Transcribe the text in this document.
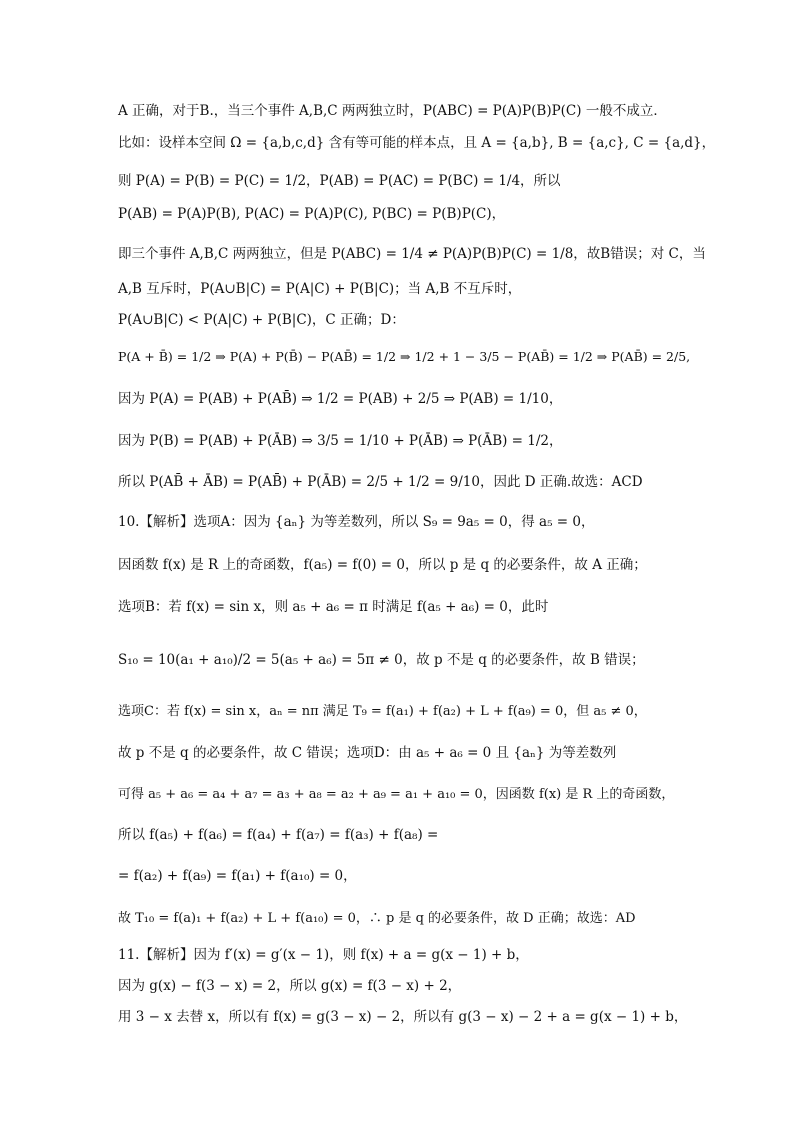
A 正确，对于B.，当三个事件 A,B,C 两两独立时，P(ABC) = P(A)P(B)P(C) 一般不成立．
比如：设样本空间 Ω = {a,b,c,d} 含有等可能的样本点，且 A = {a,b}, B = {a,c}, C = {a,d}，
则 P(A) = P(B) = P(C) = 1/2，P(AB) = P(AC) = P(BC) = 1/4，所以
P(AB) = P(A)P(B), P(AC) = P(A)P(C), P(BC) = P(B)P(C)，
即三个事件 A,B,C 两两独立，但是 P(ABC) = 1/4 ≠ P(A)P(B)P(C) = 1/8，故B错误；对 C，当
A,B 互斥时，P(A∪B|C) = P(A|C) + P(B|C)；当 A,B 不互斥时，
P(A∪B|C) < P(A|C) + P(B|C)，C 正确；D：
P(A + B̄) = 1/2 ⇒ P(A) + P(B̄) − P(AB̄) = 1/2 ⇒ 1/2 + 1 − 3/5 − P(AB̄) = 1/2 ⇒ P(AB̄) = 2/5,
因为 P(A) = P(AB) + P(AB̄) ⇒ 1/2 = P(AB) + 2/5 ⇒ P(AB) = 1/10，
因为 P(B) = P(AB) + P(ĀB) ⇒ 3/5 = 1/10 + P(ĀB) ⇒ P(ĀB) = 1/2，
所以 P(AB̄ + ĀB) = P(AB̄) + P(ĀB) = 2/5 + 1/2 = 9/10，因此 D 正确.故选：ACD
10.【解析】选项A：因为 {aₙ} 为等差数列，所以 S₉ = 9a₅ = 0，得 a₅ = 0，
因函数 f(x) 是 R 上的奇函数，f(a₅) = f(0) = 0，所以 p 是 q 的必要条件，故 A 正确；
选项B：若 f(x) = sin x，则 a₅ + a₆ = π 时满足 f(a₅ + a₆) = 0，此时
S₁₀ = 10(a₁ + a₁₀)/2 = 5(a₅ + a₆) = 5π ≠ 0，故 p 不是 q 的必要条件，故 B 错误；
选项C：若 f(x) = sin x，aₙ = nπ 满足 T₉ = f(a₁) + f(a₂) + L + f(a₉) = 0，但 a₅ ≠ 0，
故 p 不是 q 的必要条件，故 C 错误；选项D：由 a₅ + a₆ = 0 且 {aₙ} 为等差数列
可得 a₅ + a₆ = a₄ + a₇ = a₃ + a₈ = a₂ + a₉ = a₁ + a₁₀ = 0，因函数 f(x) 是 R 上的奇函数，
所以 f(a₅) + f(a₆) = f(a₄) + f(a₇) = f(a₃) + f(a₈) =
= f(a₂) + f(a₉) = f(a₁) + f(a₁₀) = 0，
故 T₁₀ = f(a)₁ + f(a₂) + L + f(a₁₀) = 0，∴ p 是 q 的必要条件，故 D 正确；故选：AD
11.【解析】因为 f′(x) = g′(x − 1)，则 f(x) + a = g(x − 1) + b，
因为 g(x) − f(3 − x) = 2，所以 g(x) = f(3 − x) + 2，
用 3 − x 去替 x，所以有 f(x) = g(3 − x) − 2，所以有 g(3 − x) − 2 + a = g(x − 1) + b，
